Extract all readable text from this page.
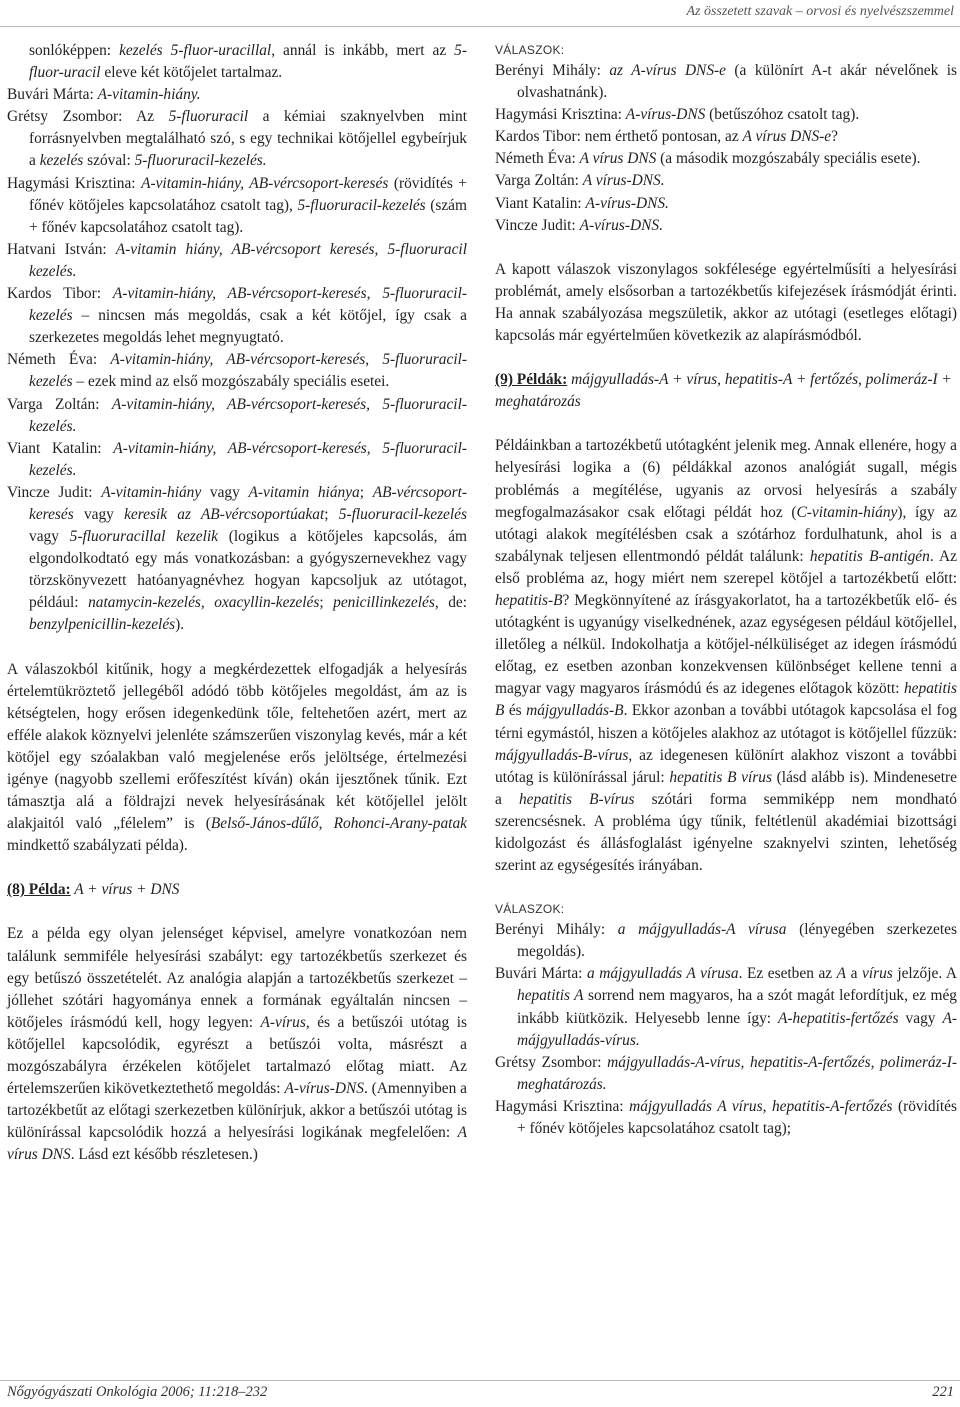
Az összetett szavak – orvosi és nyelvészszemmel

sonlóképpen: kezelés 5-fluor-uracillal, annál is inkább, mert az 5-fluor-uracil eleve két kötőjelet tartalmaz.

Buvári Márta: A-vitamin-hiány.

Grétsy Zsombor: Az 5-fluoruracil a kémiai szaknyelvben mint forrásnyelvben megtalálható szó, s egy technikai kötőjellel egybeírjuk a kezelés szóval: 5-fluoruracil-kezelés.

Hagymási Krisztina: A-vitamin-hiány, AB-vércsoport-keresés (rövidítés + főnév kötőjeles kapcsolatához csatolt tag), 5-fluoruracil-kezelés (szám + főnév kapcsolatához csatolt tag).

Hatvani István: A-vitamin hiány, AB-vércsoport keresés, 5-fluoruracil kezelés.

Kardos Tibor: A-vitamin-hiány, AB-vércsoport-keresés, 5-fluoruracil-kezelés – nincsen más megoldás, csak a két kötőjel, így csak a szerkezetes megoldás lehet megnyugtató.

Németh Éva: A-vitamin-hiány, AB-vércsoport-keresés, 5-fluoruracil-kezelés – ezek mind az első mozgószabály speciális esetei.

Varga Zoltán: A-vitamin-hiány, AB-vércsoport-keresés, 5-fluoruracil-kezelés.

Viant Katalin: A-vitamin-hiány, AB-vércsoport-keresés, 5-fluoruracil-kezelés.

Vincze Judit: A-vitamin-hiány vagy A-vitamin hiánya; AB-vércsoport-keresés vagy keresik az AB-vércsoportúakat; 5-fluoruracil-kezelés vagy 5-fluoruracillal kezelik (logikus a kötőjeles kapcsolás, ám elgondolkodtató egy más vonatkozásban: a gyógyszernevekhez vagy törzskönyvezett hatóanyagnévhez hogyan kapcsoljuk az utótagot, például: natamycin-kezelés, oxacyllin-kezelés; penicillinkezelés, de: benzylpenicillin-kezelés).

A válaszokból kitűnik, hogy a megkérdezettek elfogadják a helyesírás értelemtükröztető jellegéből adódó több kötőjeles megoldást, ám az is kétségtelen, hogy erősen idegenkedünk tőle, feltehetően azért, mert az efféle alakok köznyelvi jelenléte számszerűen viszonylag kevés, már a két kötőjel egy szóalakban való megjelenése erős jelöltsége, értelmezési igénye (nagyobb szellemi erőfeszítést kíván) okán ijesztőnek tűnik. Ezt támasztja alá a földrajzi nevek helyesírásának két kötőjellel jelölt alakjaitól való „félelem” is (Belső-János-dűlő, Rohonci-Arany-patak mindkettő szabályzati példa).

(8) Példa: A + vírus + DNS

Ez a példa egy olyan jelenséget képvisel, amelyre vonatkozóan nem találunk semmiféle helyesírási szabályt: egy tartozékbetűs szerkezet és egy betűszó összetételét. Az analógia alapján a tartozékbetűs szerkezet – jóllehet szótári hagyománya ennek a formának egyáltalán nincsen – kötőjeles írásmódú kell, hogy legyen: A-vírus, és a betűszói utótag is kötőjellel kapcsolódik, egyrészt a betűszói volta, másrészt a mozgószabályra érzékelen kötőjelet tartalmazó előtag miatt. Az értelemszerűen kikövetkeztethető megoldás: A-vírus-DNS. (Amennyiben a tartozékbetűt az előtagi szerkezetben különírjuk, akkor a betűszói utótag is különírással kapcsolódik hozzá a helyesírási logikának megfelelően: A vírus DNS. Lásd ezt később részletesen.)

VÁLASZOK:

Berényi Mihály: az A-vírus DNS-e (a különírt A-t akár névelőnek is olvashatnánk).

Hagymási Krisztina: A-vírus-DNS (betűszóhoz csatolt tag).

Kardos Tibor: nem érthető pontosan, az A vírus DNS-e?

Németh Éva: A vírus DNS (a második mozgószabály speciális esete).

Varga Zoltán: A vírus-DNS.

Viant Katalin: A-vírus-DNS.

Vincze Judit: A-vírus-DNS.

A kapott válaszok viszonylagos sokfélesége egyértelműsíti a helyesírási problémát, amely elsősorban a tartozékbetűs kifejezések írásmódját érinti. Ha annak szabályozása megszületik, akkor az utótagi (esetleges előtagi) kapcsolás már egyértelműen következik az alapírásmódból.

(9) Példák: májgyulladás-A + vírus, hepatitis-A + fertőzés, polimeráz-I + meghatározás

Példáinkban a tartozékbetű utótagként jelenik meg. Annak ellenére, hogy a helyesírási logika a (6) példákkal azonos analógiát sugall, mégis problémás a megítélése, ugyanis az orvosi helyesírás a szabály megfogalmazásakor csak előtagi példát hoz (C-vitamin-hiány), így az utótagi alakok megítélésben csak a szótárhoz fordulhatunk, ahol is a szabálynak teljesen ellentmondó példát találunk: hepatitis B-antigén. Az első probléma az, hogy miért nem szerepel kötőjel a tartozékbetű előtt: hepatitis-B? Megkönnyítené az írásgyakorlatot, ha a tartozékbetűk elő- és utótagként is ugyanúgy viselkednének, azaz egységesen például kötőjellel, illetőleg a nélkül. Indokolhatja a kötőjel-nélküliséget az idegen írásmódú előtag, ez esetben azonban konzekvensen különbséget kellene tenni a magyar vagy magyaros írásmódú és az idegenes előtagok között: hepatitis B és májgyulladás-B. Ekkor azonban a további utótagok kapcsolása el fog térni egymástól, hiszen a kötőjeles alakhoz az utótagot is kötőjellel fűzzük: májgyulladás-B-vírus, az idegenesen különírt alakhoz viszont a további utótag is különírással járul: hepatitis B vírus (lásd alább is). Mindenesetre a hepatitis B-vírus szótári forma semmiképp nem mondható szerencsésnek. A probléma úgy tűnik, feltétlenül akadémiai bizottsági kidolgozást és állásfoglalást igényelne szaknyelvi szinten, lehetőség szerint az egységesítés irányában.

VÁLASZOK:

Berényi Mihály: a májgyulladás-A vírusa (lényegében szerkezetes megoldás).

Buvári Márta: a májgyulladás A vírusa. Ez esetben az A a vírus jelzője. A hepatitis A sorrend nem magyaros, ha a szót magát lefordítjuk, ez még inkább kiütközik. Helyesebb lenne így: A-hepatitis-fertőzés vagy A-májgyulladás-vírus.

Grétsy Zsombor: májgyulladás-A-vírus, hepatitis-A-fertőzés, polimeráz-I-meghatározás.

Hagymási Krisztina: májgyulladás A vírus, hepatitis-A-fertőzés (rövidítés + főnév kötőjeles kapcsolatához csatolt tag);

Nőgyógyászati Onkológia 2006; 11:218–232	221
